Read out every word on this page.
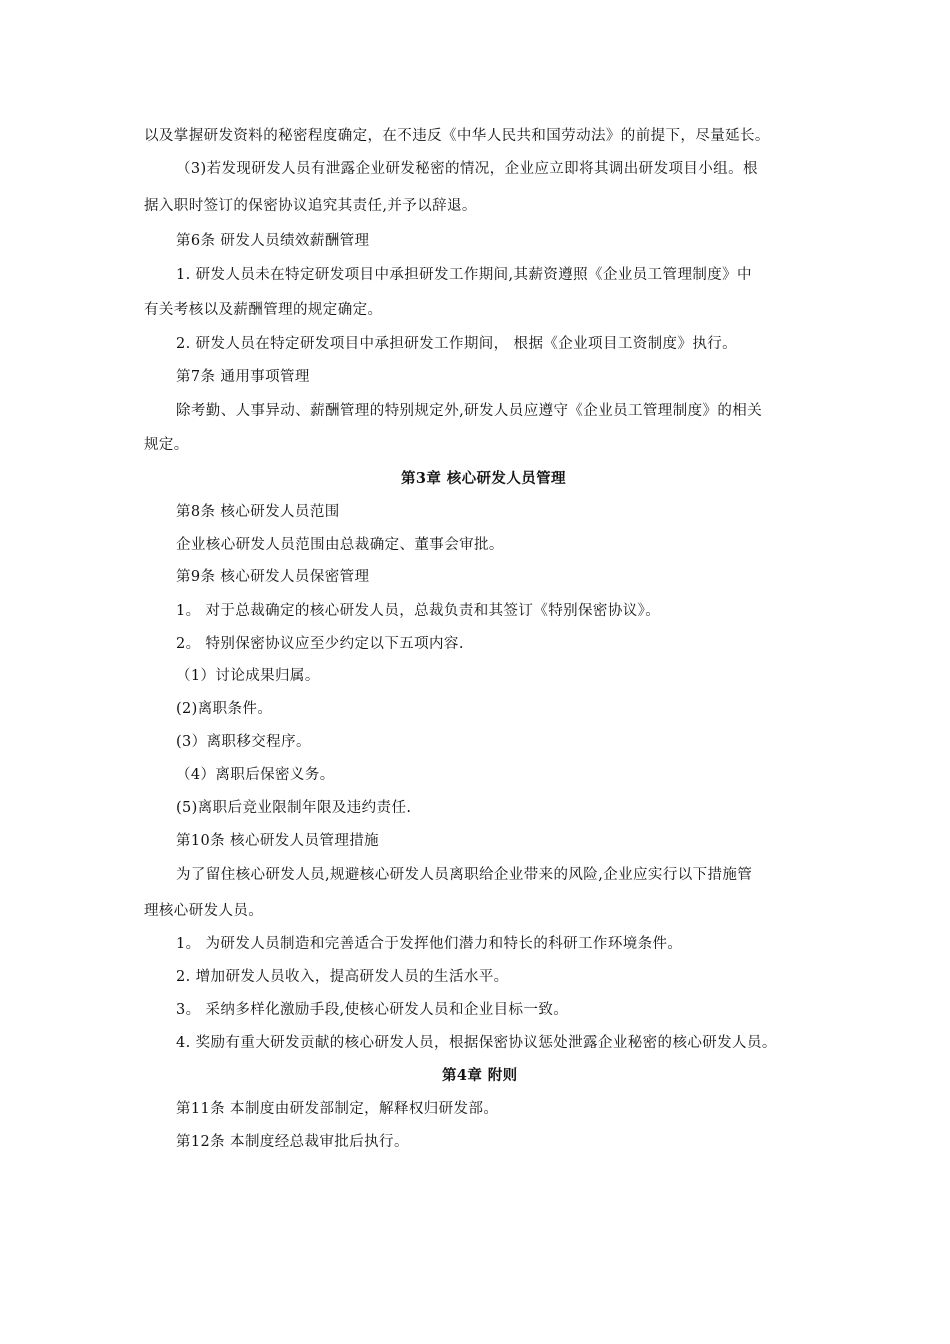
以及掌握研发资料的秘密程度确定，在不违反《中华人民共和国劳动法》的前提下，尽量延长。
（3)若发现研发人员有泄露企业研发秘密的情况，企业应立即将其调出研发项目小组。根
据入职时签订的保密协议追究其责任,并予以辞退。
第6条 研发人员绩效薪酬管理
1. 研发人员未在特定研发项目中承担研发工作期间,其薪资遵照《企业员工管理制度》中
有关考核以及薪酬管理的规定确定。
2. 研发人员在特定研发项目中承担研发工作期间， 根据《企业项目工资制度》执行。
第7条 通用事项管理
除考勤、人事异动、薪酬管理的特别规定外,研发人员应遵守《企业员工管理制度》的相关
规定。
第3章 核心研发人员管理
第8条 核心研发人员范围
企业核心研发人员范围由总裁确定、董事会审批。
第9条 核心研发人员保密管理
1。 对于总裁确定的核心研发人员，总裁负责和其签订《特别保密协议》。
2。 特别保密协议应至少约定以下五项内容.
（1）讨论成果归属。
(2)离职条件。
(3）离职移交程序。
（4）离职后保密义务。
(5)离职后竞业限制年限及违约责任.
第10条 核心研发人员管理措施
为了留住核心研发人员,规避核心研发人员离职给企业带来的风险,企业应实行以下措施管
理核心研发人员。
1。 为研发人员制造和完善适合于发挥他们潜力和特长的科研工作环境条件。
2. 增加研发人员收入，提高研发人员的生活水平。
3。 采纳多样化激励手段,使核心研发人员和企业目标一致。
4. 奖励有重大研发贡献的核心研发人员，根据保密协议惩处泄露企业秘密的核心研发人员。
第4章 附则
第11条 本制度由研发部制定，解释权归研发部。
第12条 本制度经总裁审批后执行。
